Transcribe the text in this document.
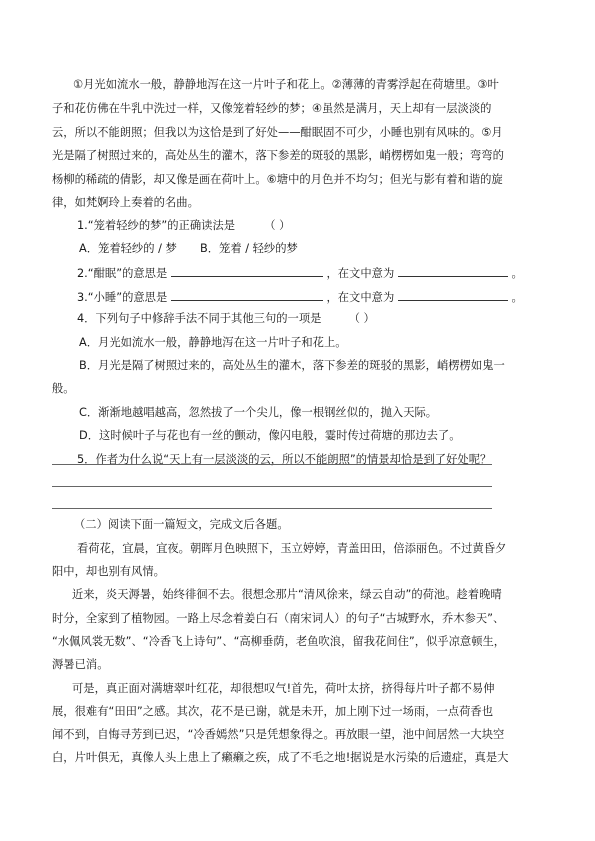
①月光如流水一般，静静地泻在这一片叶子和花上。②薄薄的青雾浮起在荷塘里。③叶
子和花仿佛在牛乳中洗过一样，又像笼着轻纱的梦；④虽然是满月，天上却有一层淡淡的
云，所以不能朗照；但我以为这恰是到了好处——酣眠固不可少，小睡也别有风味的。⑤月
光是隔了树照过来的，高处丛生的灌木，落下参差的斑驳的黑影，峭楞楞如鬼一般；弯弯的
杨柳的稀疏的倩影，却又像是画在荷叶上。⑥塘中的月色并不均匀；但光与影有着和谐的旋
律，如梵婀玲上奏着的名曲。
1.“笼着轻纱的梦”的正确读法是	（ ）
A．笼着轻纱的 / 梦 B．笼着 / 轻纱的梦
2.“酣眠”的意思是	，在文中意为	。
3.“小睡”的意思是	，在文中意为	。
4．下列句子中修辞手法不同于其他三句的一项是 （ ）
A．月光如流水一般，静静地泻在这一片叶子和花上。
B．月光是隔了树照过来的，高处丛生的灌木，落下参差的斑驳的黑影，峭楞楞如鬼一
般。
C．渐渐地越唱越高，忽然拔了一个尖儿，像一根钢丝似的，抛入天际。
D．这时候叶子与花也有一丝的颤动，像闪电般，霎时传过荷塘的那边去了。
5．作者为什么说“天上有一层淡淡的云，所以不能朗照”的情景却恰是到了好处呢？
（二）阅读下面一篇短文，完成文后各题。
看荷花，宜晨，宜夜。朝晖月色映照下，玉立婷婷，青盖田田，倍添丽色。不过黄昏夕
阳中，却也别有风情。
近来，炎天溽暑，始终徘徊不去。很想念那片“清风徐来，绿云自动”的荷池。趁着晚晴
时分，全家到了植物园。一路上尽念着姜白石（南宋词人）的句子“古城野水，乔木参天”、
“水佩风裳无数”、“冷香飞上诗句”、“高柳垂荫，老鱼吹浪，留我花间住”，似乎凉意顿生，
溽暑已消。
可是，真正面对满塘翠叶红花，却很想叹气!首先，荷叶太挤，挤得每片叶子都不易伸
展，很难有“田田”之感。其次，花不是已谢，就是未开，加上刚下过一场雨，一点荷香也
闻不到，自悔寻芳到已迟，“冷香嫣然”只是凭想象得之。再放眼一望，池中间居然一大块空
白，片叶俱无，真像人头上患上了癞癞之疾，成了不毛之地!据说是水污染的后遗症，真是大
